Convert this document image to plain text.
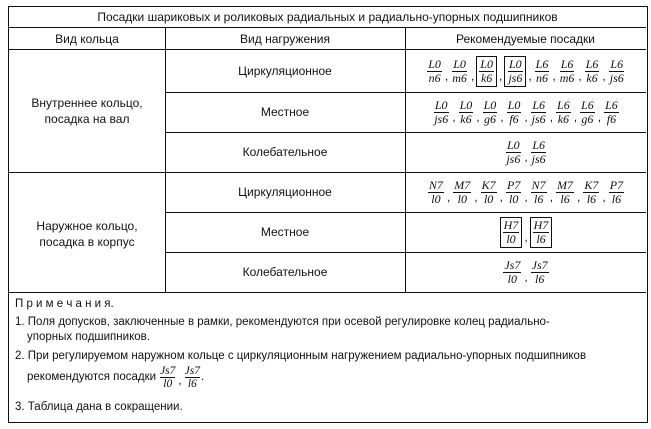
Посадки шариковых и роликовых радиальных и радиально-упорных подшипников
Вид кольца	Вид нагружения	Рекомендуемые посадки
Внутреннее кольцо, посадка на вал
Наружное кольцо, посадка в корпус
Циркуляционное
Местное
Колебательное
Циркуляционное
Местное
Колебательное
$\frac{L0}{n6}$ , $\frac{L0}{m6}$ , $\frac{L0}{k6}$ , $\frac{L0}{js6}$ , $\frac{L6}{n6}$ , $\frac{L6}{m6}$ , $\frac{L6}{k6}$ , $\frac{L6}{js6}$
$\frac{L0}{js6}$ , $\frac{L0}{k6}$ , $\frac{L0}{g6}$ , $\frac{L0}{f6}$ , $\frac{L6}{js6}$ , $\frac{L6}{k6}$ , $\frac{L6}{g6}$ , $\frac{L6}{f6}$
$\frac{L0}{js6}$ , $\frac{L6}{js6}$
$\frac{N7}{l0}$ , $\frac{M7}{l0}$ , $\frac{K7}{l0}$ , $\frac{P7}{l0}$ , $\frac{N7}{l6}$ , $\frac{M7}{l6}$ , $\frac{K7}{l6}$ , $\frac{P7}{l6}$
$\frac{H7}{l0}$ , $\frac{H7}{l6}$
$\frac{Js7}{l0}$ , $\frac{Js7}{l6}$
П р и м е ч а н и я.
1. Поля допусков, заключенные в рамки, рекомендуются при осевой регулировке колец радиально-
упорных подшипников.
2. При регулируемом наружном кольце с циркуляционным нагружением радиально-упорных подшипников
рекомендуются посадки $\frac{Js7}{l0}$ , $\frac{Js7}{l6}$ .
3. Таблица дана в сокращении.
